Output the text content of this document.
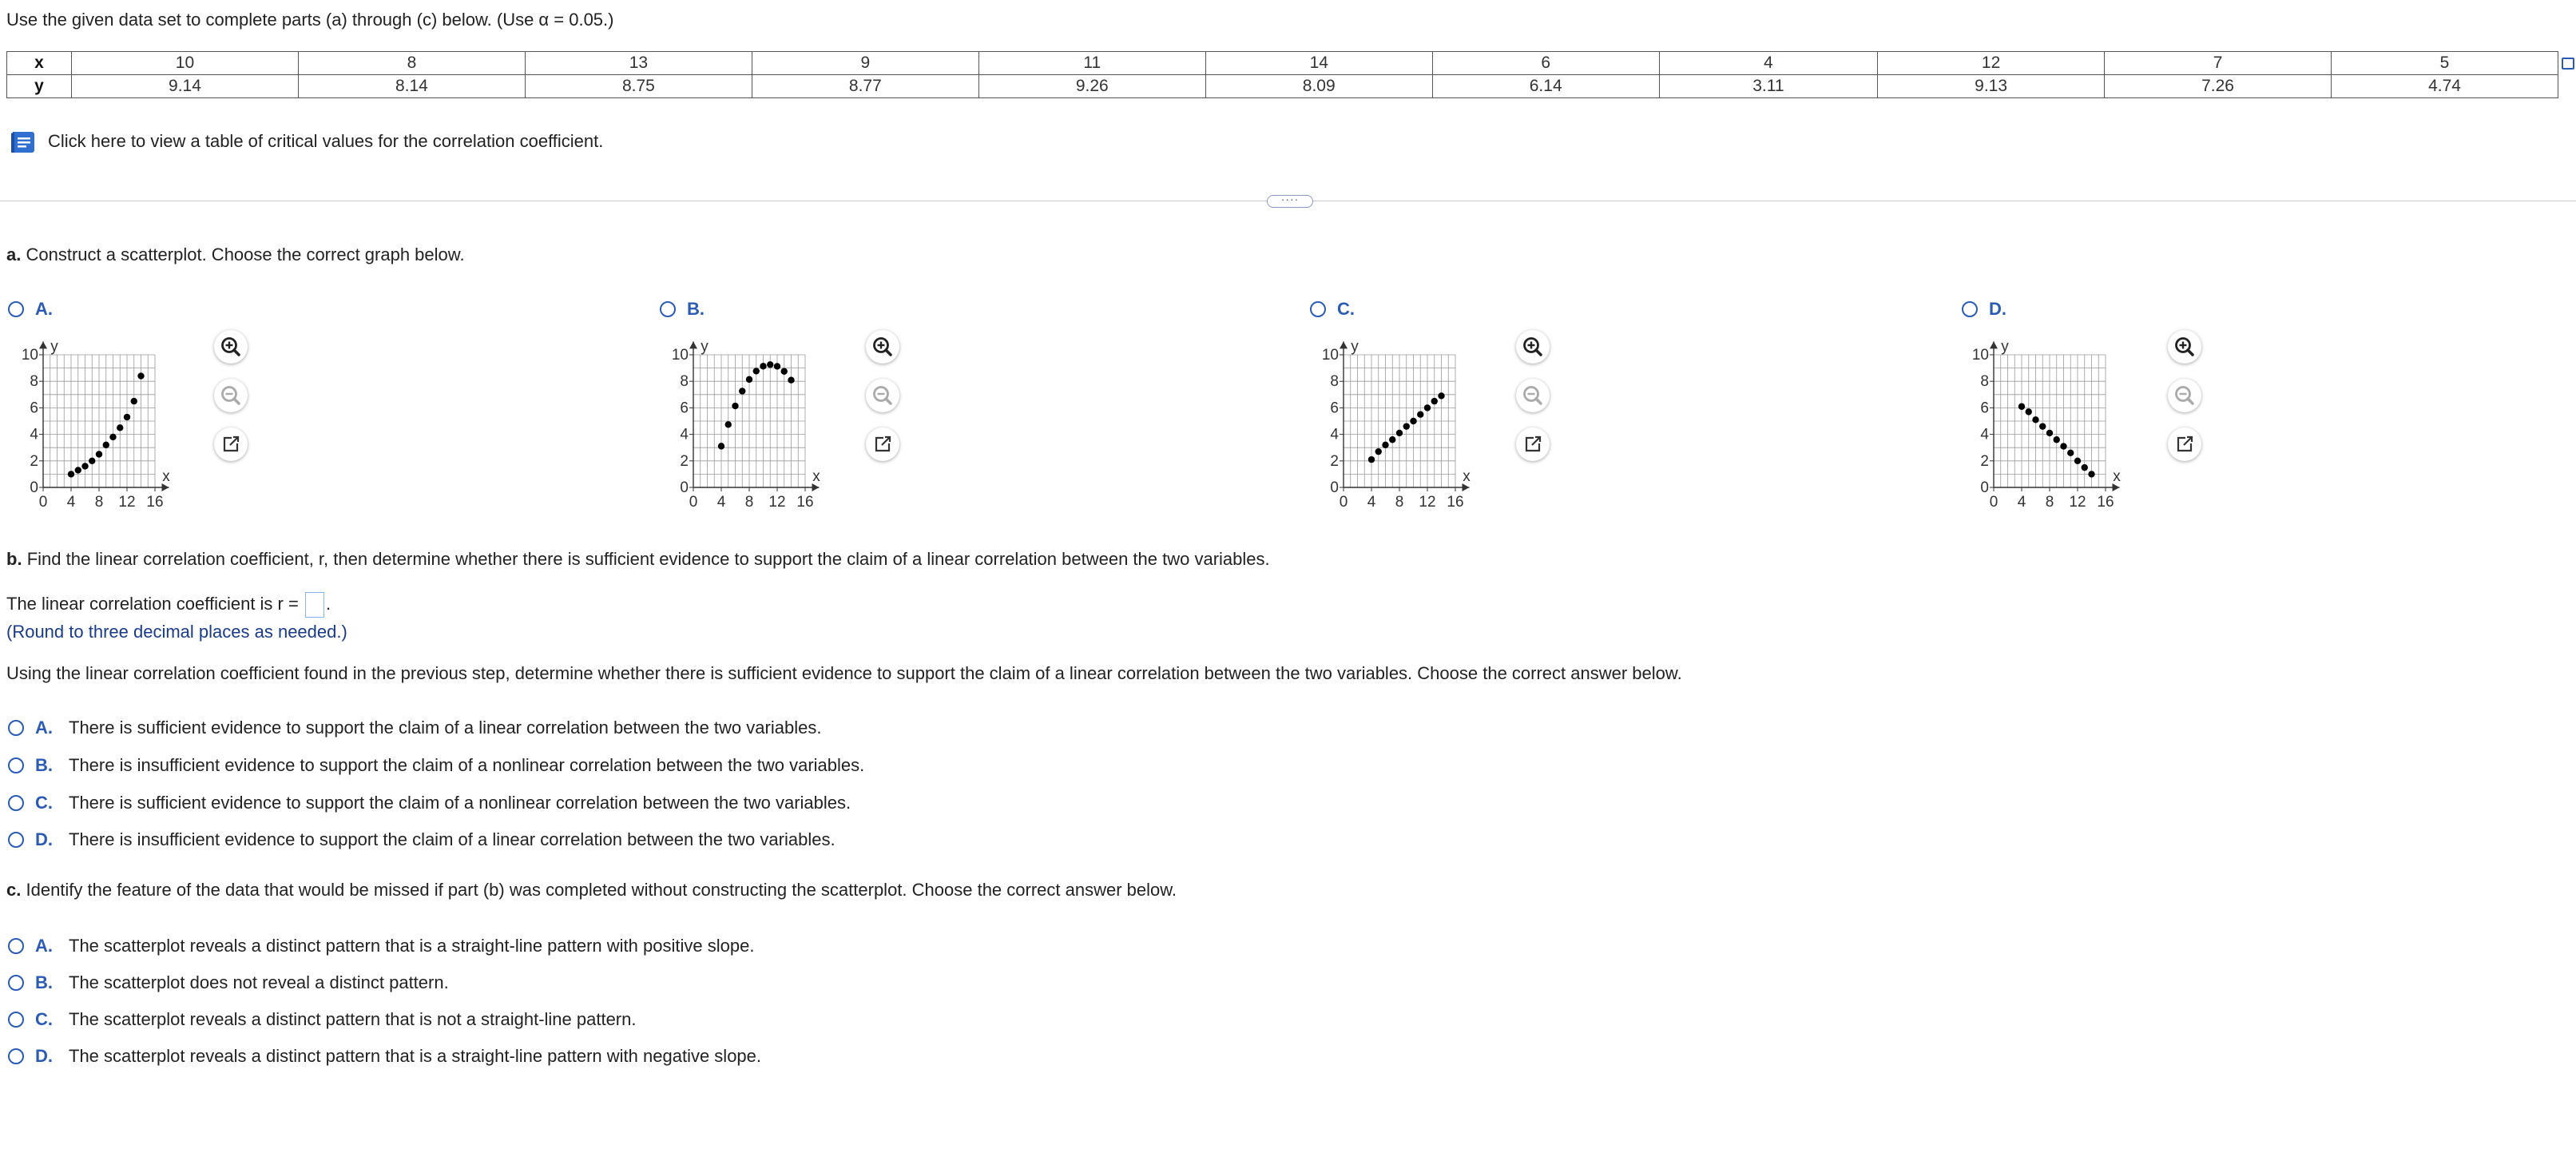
Use the given data set to complete parts (a) through (c) below. (Use α = 0.05.)
x	10	8	13	9	11	14	6	4	12	7	5
y	9.14	8.14	8.75	8.77	9.26	8.09	6.14	3.11	9.13	7.26	4.74
Click here to view a table of critical values for the correlation coefficient.
····
a. Construct a scatterplot. Choose the correct graph below.
A.
0 4 8 12 16
0
2
4
6
8
10
x
y
B.
0 4 8 12 16
0
2
4
6
8
10
x
y
C.
0 4 8 12 16
0
2
4
6
8
10
x
y
D.
0 4 8 12 16
0
2
4
6
8
10
x
y
b. Find the linear correlation coefficient, r, then determine whether there is sufficient evidence to support the claim of a linear correlation between the two variables.
The linear correlation coefficient is r = .
(Round to three decimal places as needed.)
Using the linear correlation coefficient found in the previous step, determine whether there is sufficient evidence to support the claim of a linear correlation between the two variables. Choose the correct answer below.
A. There is sufficient evidence to support the claim of a linear correlation between the two variables.
B. There is insufficient evidence to support the claim of a nonlinear correlation between the two variables.
C. There is sufficient evidence to support the claim of a nonlinear correlation between the two variables.
D. There is insufficient evidence to support the claim of a linear correlation between the two variables.
c. Identify the feature of the data that would be missed if part (b) was completed without constructing the scatterplot. Choose the correct answer below.
A. The scatterplot reveals a distinct pattern that is a straight-line pattern with positive slope.
B. The scatterplot does not reveal a distinct pattern.
C. The scatterplot reveals a distinct pattern that is not a straight-line pattern.
D. The scatterplot reveals a distinct pattern that is a straight-line pattern with negative slope.
